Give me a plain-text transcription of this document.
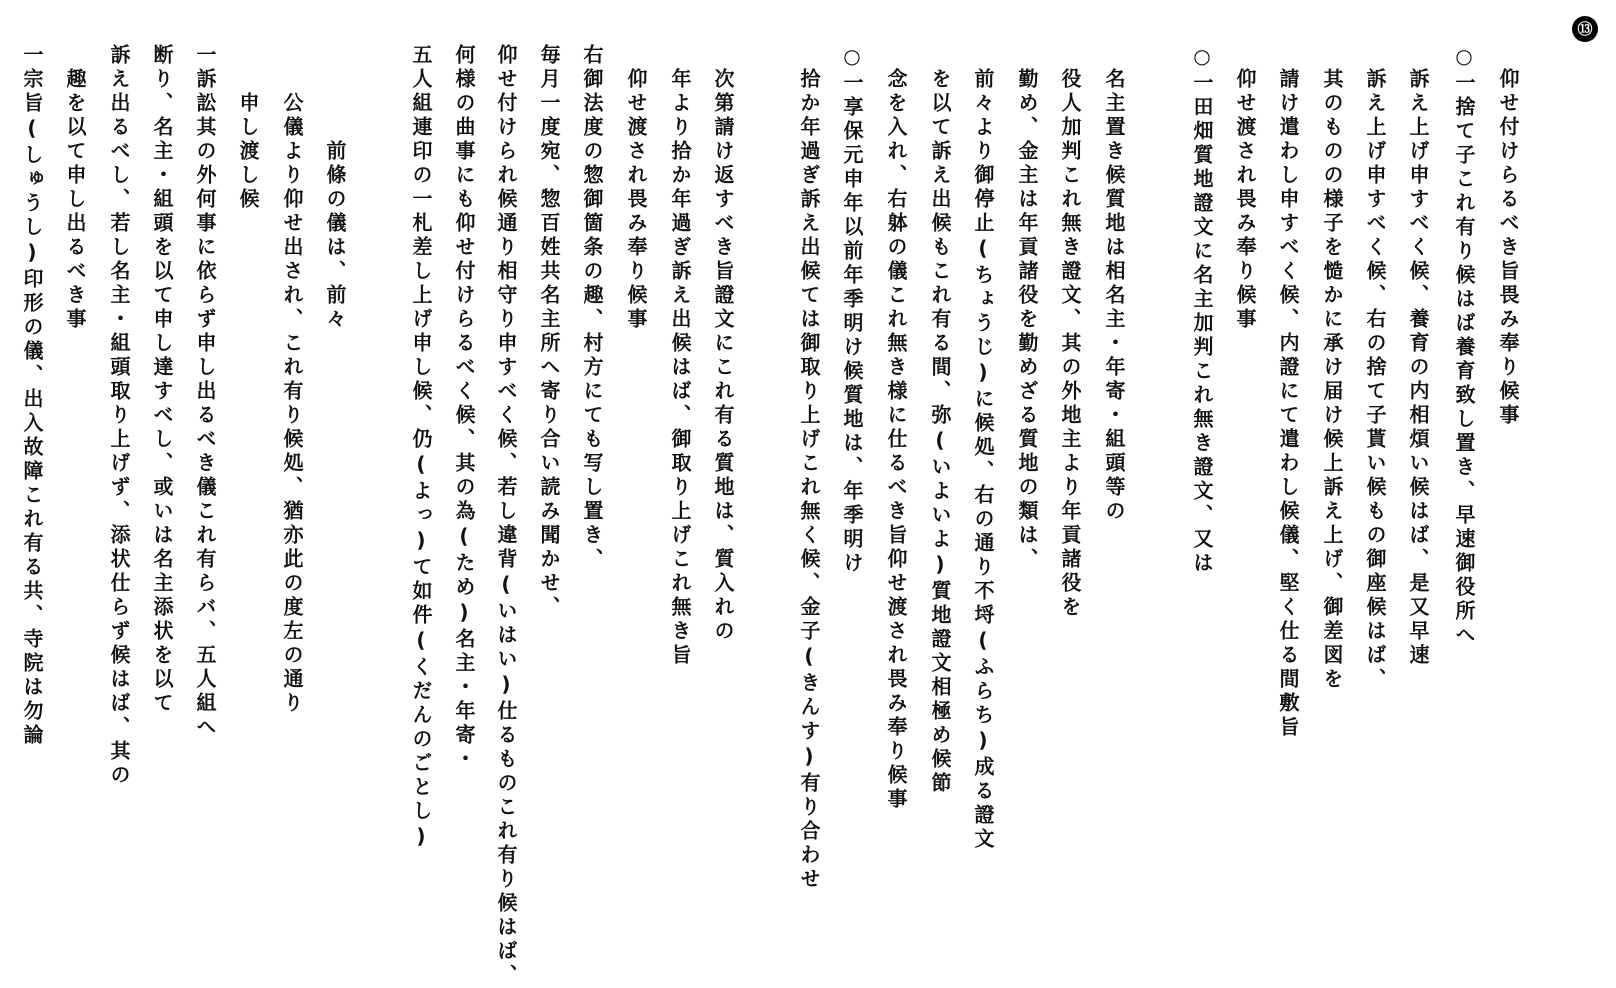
⑬
仰せ付けらるべき旨畏み奉り候事
○一捨て子これ有り候はば養育致し置き、早速御役所へ
訴え上げ申すべく候、養育の内相煩い候はば、是又早速
訴え上げ申すべく候、右の捨て子貰い候もの御座候はば、
其のものの様子を慥かに承け届け候上訴え上げ、御差図を
請け遣わし申すべく候、内證にて遣わし候儀、堅く仕る間敷旨
仰せ渡され畏み奉り候事
○一田畑質地證文に名主加判これ無き證文、又は
名主置き候質地は相名主・年寄・組頭等の
役人加判これ無き證文、其の外地主より年貢諸役を
勤め、金主は年貢諸役を勤めざる質地の類は、
前々より御停止(ちょうじ)に候処、右の通り不埒(ふらち)成る證文
を以て訴え出候もこれ有る間、弥(いよいよ)質地證文相極め候節
念を入れ、右躰の儀これ無き様に仕るべき旨仰せ渡され畏み奉り候事
○一享保元申年以前年季明け候質地は、年季明け
拾か年過ぎ訴え出候ては御取り上げこれ無く候、金子(きんす)有り合わせ
次第請け返すべき旨證文にこれ有る質地は、質入れの
年より拾か年過ぎ訴え出候はば、御取り上げこれ無き旨
仰せ渡され畏み奉り候事
右御法度の惣御箇条の趣、村方にても写し置き、
毎月一度宛、惣百姓共名主所へ寄り合い読み聞かせ、
仰せ付けられ候通り相守り申すべく候、若し違背(いはい)仕るものこれ有り候はば、
何様の曲事にも仰せ付けらるべく候、其の為(ため)名主・年寄・
五人組連印の一札差し上げ申し候、仍(よっ)て如件(くだんのごとし)
前條の儀は、前々
公儀より仰せ出され、これ有り候処、猶亦此の度左の通り
申し渡し候
一訴訟其の外何事に依らず申し出るべき儀これ有らバ、五人組へ
断り、名主・組頭を以て申し達すべし、或いは名主添状を以て
訴え出るべし、若し名主・組頭取り上げず、添状仕らず候はば、其の
趣を以て申し出るべき事
一宗旨(しゅうし)印形の儀、出入故障これ有る共、寺院は勿論
